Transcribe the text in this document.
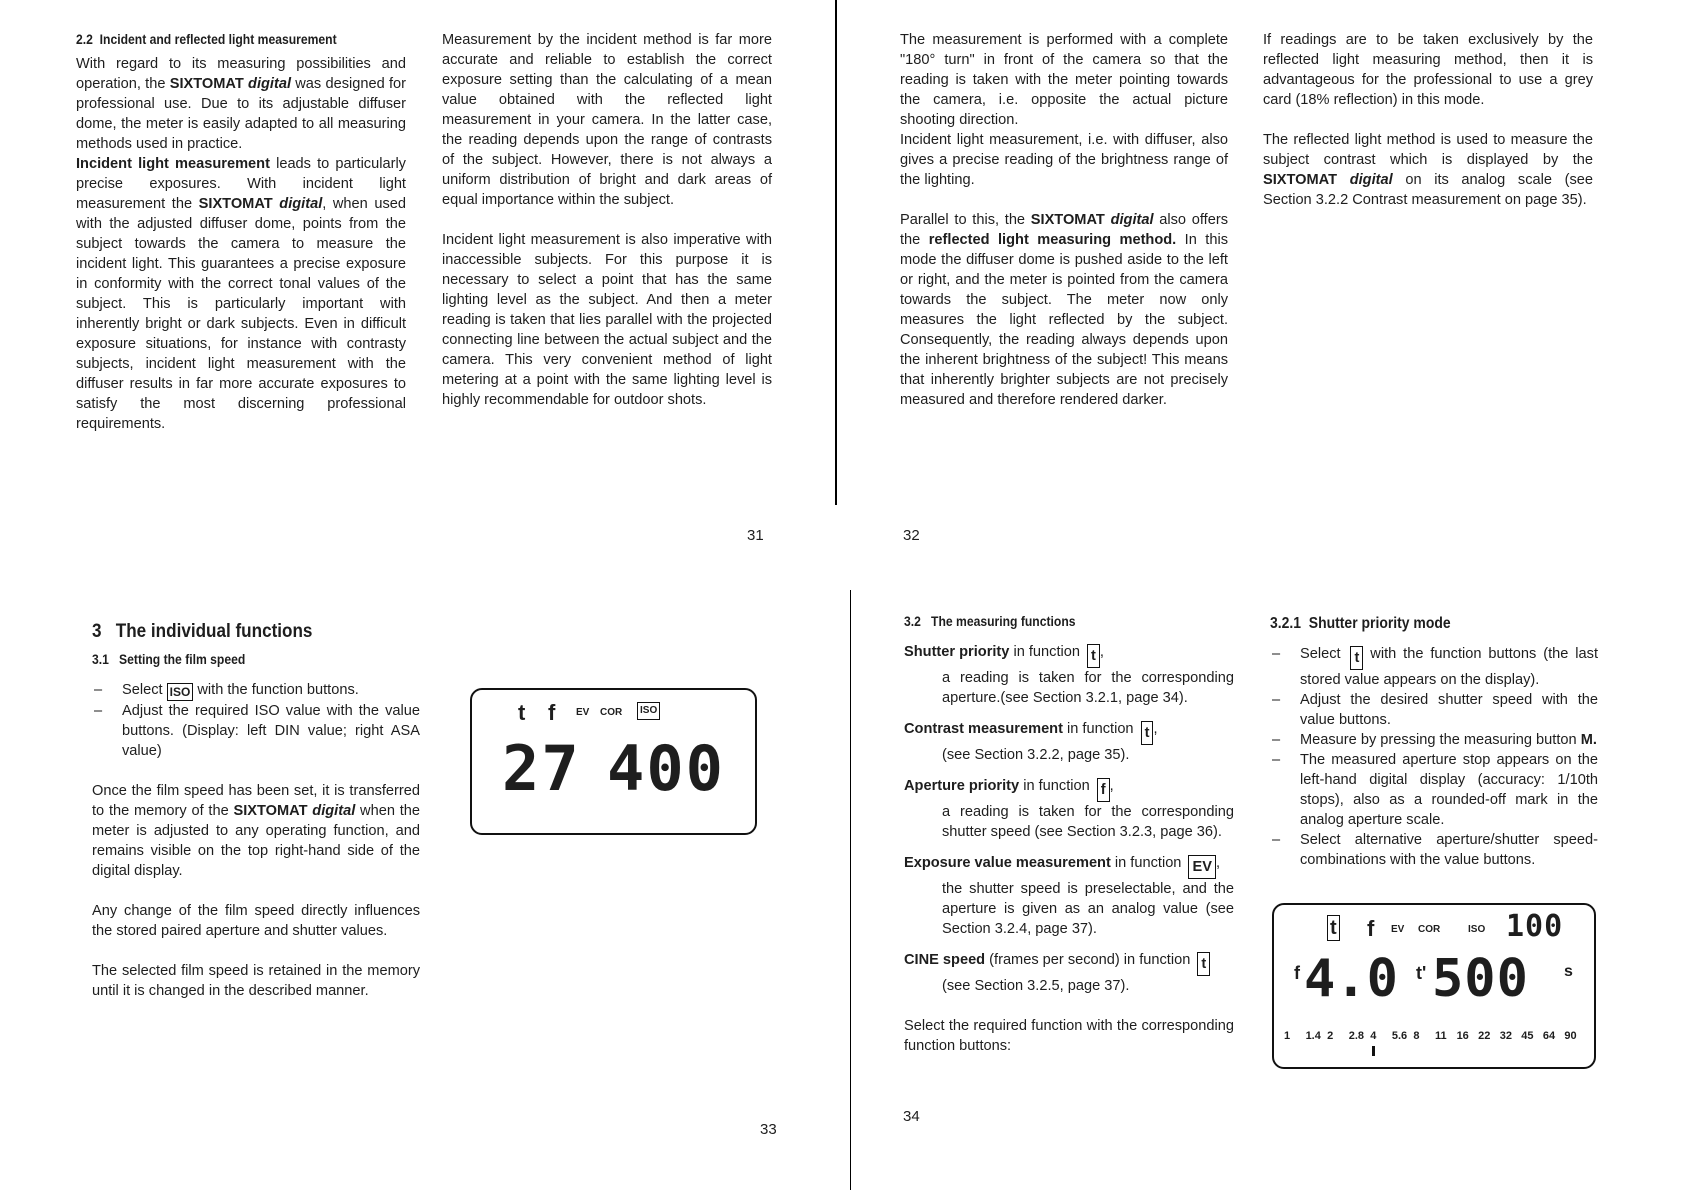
2.2 Incident and reflected light measurement

With regard to its measuring possibilities and operation, the SIXTOMAT digital was designed for professional use. Due to its adjustable diffuser dome, the meter is easily adapted to all measuring methods used in practice.

Incident light measurement leads to particularly precise exposures. With incident light measurement the SIXTOMAT digital, when used with the adjusted diffuser dome, points from the subject towards the camera to measure the incident light. This guarantees a precise exposure in conformity with the correct tonal values of the subject. This is particularly important with inherently bright or dark subjects. Even in difficult exposure situations, for instance with contrasty subjects, incident light measurement with the diffuser results in far more accurate exposures to satisfy the most discerning professional requirements.

Measurement by the incident method is far more accurate and reliable to establish the correct exposure setting than the calculating of a mean value obtained with the reflected light measurement in your camera. In the latter case, the reading depends upon the range of contrasts of the subject. However, there is not always a uniform distribution of bright and dark areas of equal importance within the subject.

Incident light measurement is also imperative with inaccessible subjects. For this purpose it is necessary to select a point that has the same lighting level as the subject. And then a meter reading is taken that lies parallel with the projected connecting line between the actual subject and the camera. This very convenient method of light metering at a point with the same lighting level is highly recommendable for outdoor shots.

31

The measurement is performed with a complete "180° turn" in front of the camera so that the reading is taken with the meter pointing towards the camera, i.e. opposite the actual picture shooting direction.

Incident light measurement, i.e. with diffuser, also gives a precise reading of the brightness range of the lighting.

Parallel to this, the SIXTOMAT digital also offers the reflected light measuring method. In this mode the diffuser dome is pushed aside to the left or right, and the meter is pointed from the camera towards the subject. The meter now only measures the light reflected by the subject. Consequently, the reading always depends upon the inherent brightness of the subject! This means that inherently brighter subjects are not precisely measured and therefore rendered darker.

If readings are to be taken exclusively by the reflected light measuring method, then it is advantageous for the professional to use a grey card (18% reflection) in this mode.

The reflected light method is used to measure the subject contrast which is displayed by the SIXTOMAT digital on its analog scale (see Section 3.2.2 Contrast measurement on page 35).

32
3 The individual functions
3.1 Setting the film speed
– Select ISO with the function buttons.
– Adjust the required ISO value with the value buttons. (Display: left DIN value; right ASA value)

Once the film speed has been set, it is transferred to the memory of the SIXTOMAT digital when the meter is adjusted to any operating function, and remains visible on the top right-hand side of the digital display.

Any change of the film speed directly influences the stored paired aperture and shutter values.

The selected film speed is retained in the memory until it is changed in the described manner.

t f EV COR	ISO
27 400
33
3.2 The measuring functions
Shutter priority in function t ,
a reading is taken for the corresponding aperture.(see Section 3.2.1, page 34).
Contrast measurement in function t ,
(see Section 3.2.2, page 35).
Aperture priority in function f ,
a reading is taken for the corresponding shutter speed (see Section 3.2.3, page 36).
Exposure value measurement in function EV ,
the shutter speed is preselectable, and the aperture is given as an analog value (see Section 3.2.4, page 37).
CINE speed (frames per second) in function t
(see Section 3.2.5, page 37).

Select the required function with the corresponding function buttons:

34
3.2.1 Shutter priority mode
– Select t with the function buttons (the last stored value appears on the display).
– Adjust the desired shutter speed with the value buttons.
– Measure by pressing the measuring button M.
– The measured aperture stop appears on the left-hand digital display (accuracy: 1/10th stops), also as a rounded-off mark in the analog aperture scale.
– Select alternative aperture/shutter speed-combinations with the value buttons.
t f EV COR	ISO 100
f 4.0 t' 500 s
1 1.4 2 2.8 4 5.6 8 11 16 22 32 45 64 90
